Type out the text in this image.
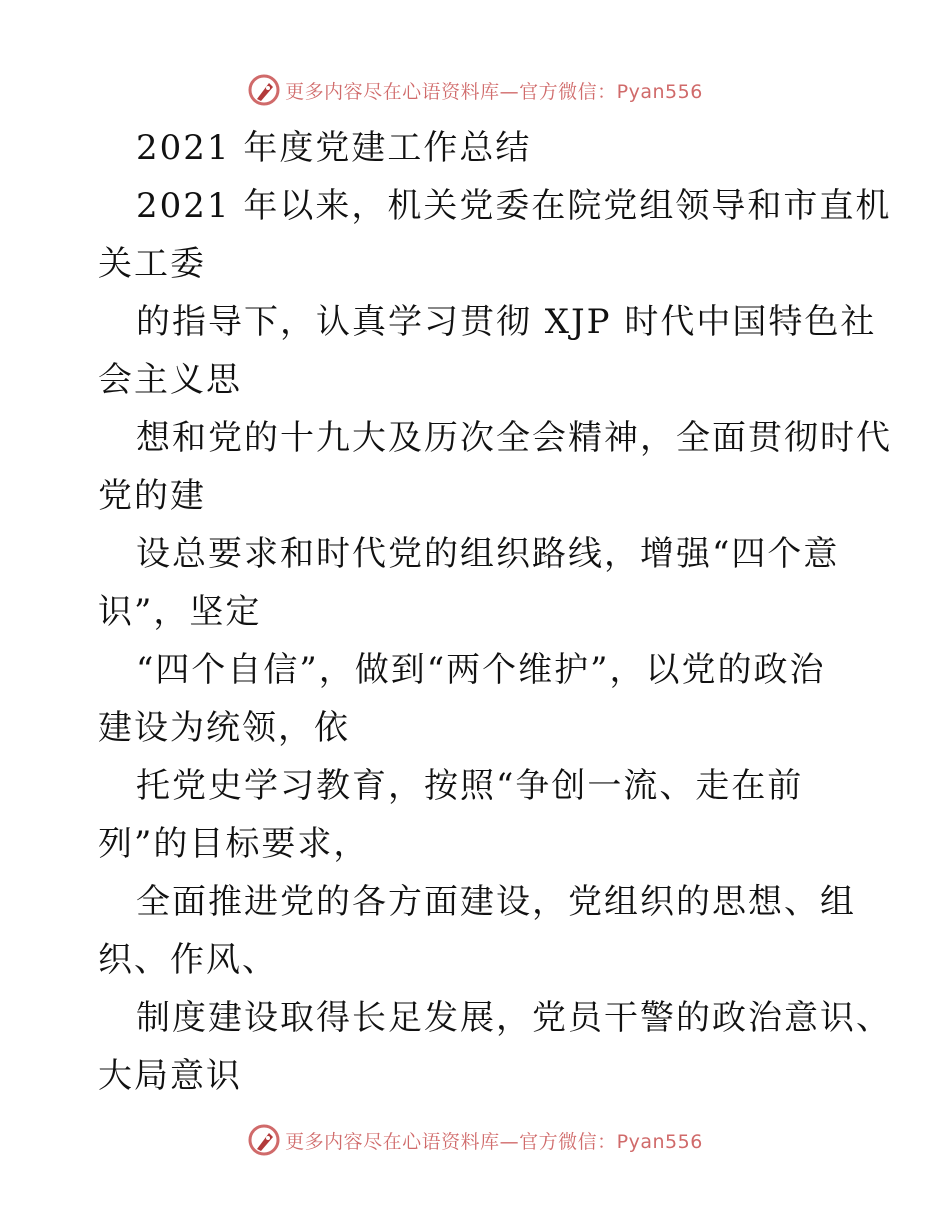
更多内容尽在心语资料库—官方微信：Pyan556
2021 年度党建工作总结
2021 年以来，机关党委在院党组领导和市直机
关工委
的指导下，认真学习贯彻 XJP 时代中国特色社
会主义思
想和党的十九大及历次全会精神，全面贯彻时代
党的建
设总要求和时代党的组织路线，增强“四个意
识”，坚定
“四个自信”，做到“两个维护”，以党的政治
建设为统领，依
托党史学习教育，按照“争创一流、走在前
列”的目标要求，
全面推进党的各方面建设，党组织的思想、组
织、作风、
制度建设取得长足发展，党员干警的政治意识、
大局意识
更多内容尽在心语资料库—官方微信：Pyan556
